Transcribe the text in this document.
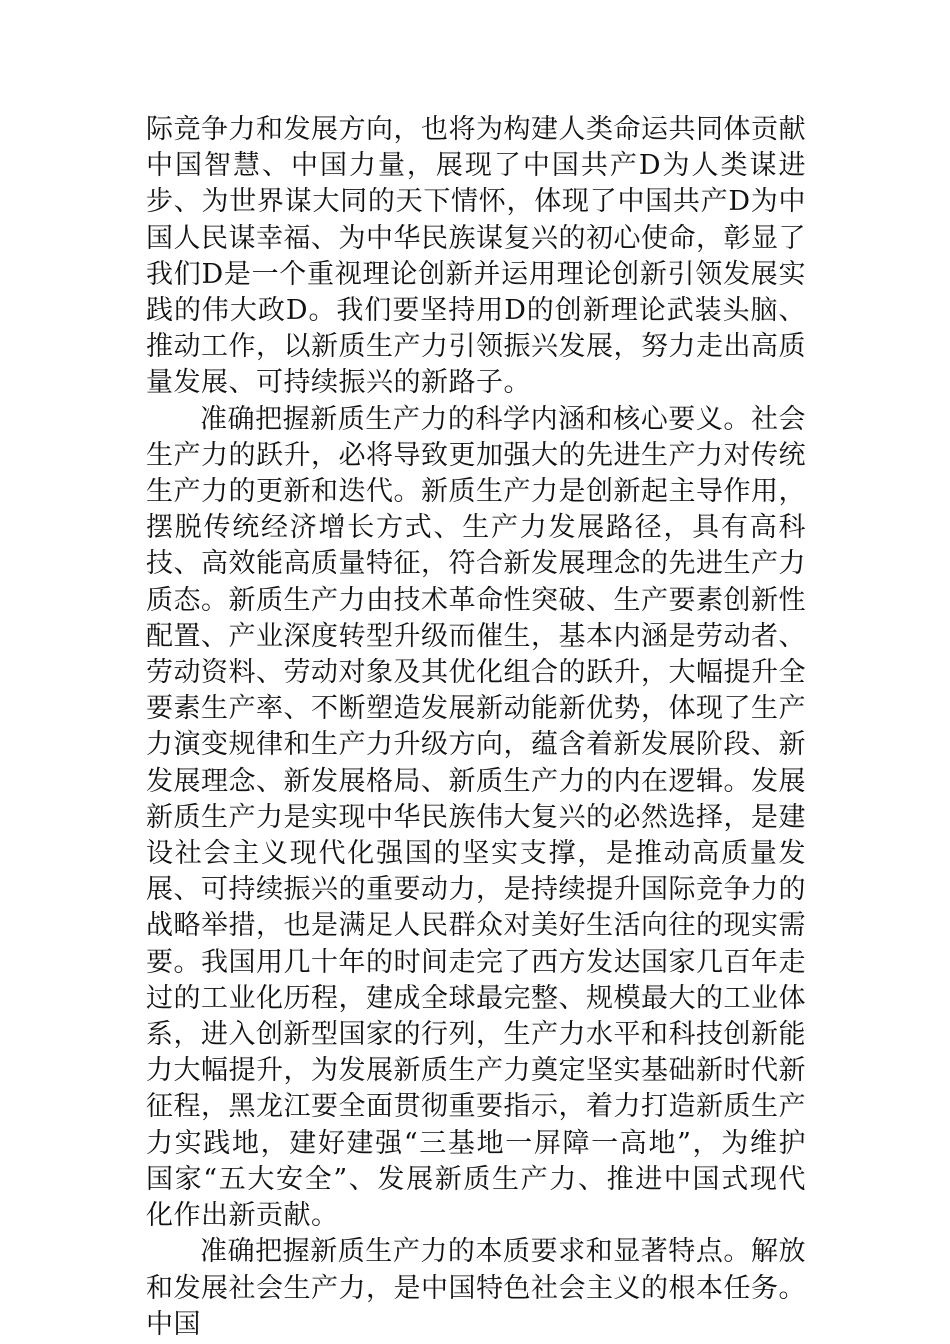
际竞争力和发展方向，也将为构建人类命运共同体贡献中国智慧、中国力量，展现了中国共产D为人类谋进步、为世界谋大同的天下情怀，体现了中国共产D为中国人民谋幸福、为中华民族谋复兴的初心使命，彰显了我们D是一个重视理论创新并运用理论创新引领发展实践的伟大政D。我们要坚持用D的创新理论武装头脑、推动工作，以新质生产力引领振兴发展，努力走出高质量发展、可持续振兴的新路子。

准确把握新质生产力的科学内涵和核心要义。社会生产力的跃升，必将导致更加强大的先进生产力对传统生产力的更新和迭代。新质生产力是创新起主导作用，摆脱传统经济增长方式、生产力发展路径，具有高科技、高效能高质量特征，符合新发展理念的先进生产力质态。新质生产力由技术革命性突破、生产要素创新性配置、产业深度转型升级而催生，基本内涵是劳动者、劳动资料、劳动对象及其优化组合的跃升，大幅提升全要素生产率、不断塑造发展新动能新优势，体现了生产力演变规律和生产力升级方向，蕴含着新发展阶段、新发展理念、新发展格局、新质生产力的内在逻辑。发展新质生产力是实现中华民族伟大复兴的必然选择，是建设社会主义现代化强国的坚实支撑，是推动高质量发展、可持续振兴的重要动力，是持续提升国际竞争力的战略举措，也是满足人民群众对美好生活向往的现实需要。我国用几十年的时间走完了西方发达国家几百年走过的工业化历程，建成全球最完整、规模最大的工业体系，进入创新型国家的行列，生产力水平和科技创新能力大幅提升，为发展新质生产力奠定坚实基础新时代新征程，黑龙江要全面贯彻重要指示，着力打造新质生产力实践地，建好建强“三基地一屏障一高地”，为维护国家“五大安全”、发展新质生产力、推进中国式现代化作出新贡献。

准确把握新质生产力的本质要求和显著特点。解放和发展社会生产力，是中国特色社会主义的根本任务。中国
